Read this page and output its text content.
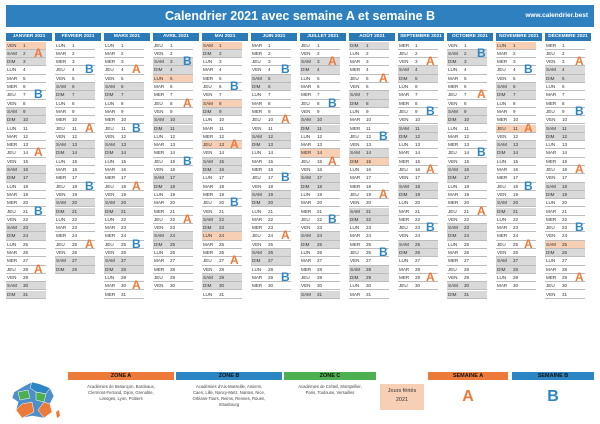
Calendrier 2021 avec semaine A et semaine B	www.calendrier.best
JANVIER 2021
VEN 1
SAM 2
DIM 3
LUN 4
MAR 5
MER 6
JEU 7
VEN 8
SAM 9
DIM 10
LUN 11
MAR 12
MER 13
JEU 14
VEN 15
SAM 16
DIM 17
LUN 18
MAR 19
MER 20
JEU 21
VEN 22
SAM 23
DIM 24
LUN 25
MAR 26
MER 27
JEU 28
VEN 29
SAM 30
DIM 31
A
B
A
B
A
FÉVRIER 2021
LUN 1
MAR 2
MER 3
JEU 4
VEN 5
SAM 6
DIM 7
LUN 8
MAR 9
MER 10
JEU 11
VEN 12
SAM 13
DIM 14
LUN 15
MAR 16
MER 17
JEU 18
VEN 19
SAM 20
DIM 21
LUN 22
MAR 23
MER 24
JEU 25
VEN 26
SAM 27
DIM 28
B
A
B
A
MARS 2021
LUN 1
MAR 2
MER 3
JEU 4
VEN 5
SAM 6
DIM 7
LUN 8
MAR 9
MER 10
JEU 11
VEN 12
SAM 13
DIM 14
LUN 15
MAR 16
MER 17
JEU 18
VEN 19
SAM 20
DIM 21
LUN 22
MAR 23
MER 24
JEU 25
VEN 26
SAM 27
DIM 28
LUN 29
MAR 30
MER 31
A
B
A
B
A
AVRIL 2021
JEU 1
VEN 2
SAM 3
DIM 4
LUN 5
MAR 6
MER 7
JEU 8
VEN 9
SAM 10
DIM 11
LUN 12
MAR 13
MER 14
JEU 15
VEN 16
SAM 17
DIM 18
LUN 19
MAR 20
MER 21
JEU 22
VEN 23
SAM 24
DIM 25
LUN 26
MAR 27
MER 28
JEU 29
VEN 30
B
A
B
A
MAI 2021
SAM 1
DIM 2
LUN 3
MAR 4
MER 5
JEU 6
VEN 7
SAM 8
DIM 9
LUN 10
MAR 11
MER 12
JEU 13
VEN 14
SAM 15
DIM 16
LUN 17
MAR 18
MER 19
JEU 20
VEN 21
SAM 22
DIM 23
LUN 24
MAR 25
MER 26
JEU 27
VEN 28
SAM 29
DIM 30
LUN 31
B
A
B
A
JUIN 2021
MAR 1
MER 2
JEU 3
VEN 4
SAM 5
DIM 6
LUN 7
MAR 8
MER 9
JEU 10
VEN 11
SAM 12
DIM 13
LUN 14
MAR 15
MER 16
JEU 17
VEN 18
SAM 19
DIM 20
LUN 21
MAR 22
MER 23
JEU 24
VEN 25
SAM 26
DIM 27
LUN 28
MAR 29
MER 30
B
A
B
A
B
JUILLET 2021
JEU 1
VEN 2
SAM 3
DIM 4
LUN 5
MAR 6
MER 7
JEU 8
VEN 9
SAM 10
DIM 11
LUN 12
MAR 13
MER 14
JEU 15
VEN 16
SAM 17
DIM 18
LUN 19
MAR 20
MER 21
JEU 22
VEN 23
SAM 24
DIM 25
LUN 26
MAR 27
MER 28
JEU 29
VEN 30
SAM 31
A
B
A
B
AOÛT 2021
DIM 1
LUN 2
MAR 3
MER 4
JEU 5
VEN 6
SAM 7
DIM 8
LUN 9
MAR 10
MER 11
JEU 12
VEN 13
SAM 14
DIM 15
LUN 16
MAR 17
MER 18
JEU 19
VEN 20
SAM 21
DIM 22
LUN 23
MAR 24
MER 25
JEU 26
VEN 27
SAM 28
DIM 29
LUN 30
MAR 31
A
B
A
B
SEPTEMBRE 2021
MER 1
JEU 2
VEN 3
SAM 4
DIM 5
LUN 6
MAR 7
MER 8
JEU 9
VEN 10
SAM 11
DIM 12
LUN 13
MAR 14
MER 15
JEU 16
VEN 17
SAM 18
DIM 19
LUN 20
MAR 21
MER 22
JEU 23
VEN 24
SAM 25
DIM 26
LUN 27
MAR 28
MER 29
JEU 30
A
B
A
B
A
OCTOBRE 2021
VEN 1
SAM 2
DIM 3
LUN 4
MAR 5
MER 6
JEU 7
VEN 8
SAM 9
DIM 10
LUN 11
MAR 12
MER 13
JEU 14
VEN 15
SAM 16
DIM 17
LUN 18
MAR 19
MER 20
JEU 21
VEN 22
SAM 23
DIM 24
LUN 25
MAR 26
MER 27
JEU 28
VEN 29
SAM 30
DIM 31
B
A
B
A
NOVEMBRE 2021
LUN 1
MAR 2
MER 3
JEU 4
VEN 5
SAM 6
DIM 7
LUN 8
MAR 9
MER 10
JEU 11
VEN 12
SAM 13
DIM 14
LUN 15
MAR 16
MER 17
JEU 18
VEN 19
SAM 20
DIM 21
LUN 22
MAR 23
MER 24
JEU 25
VEN 26
SAM 27
DIM 28
LUN 29
MAR 30
B
A
B
A
DÉCEMBRE 2021
MER 1
JEU 2
VEN 3
SAM 4
DIM 5
LUN 6
MAR 7
MER 8
JEU 9
VEN 10
SAM 11
DIM 12
LUN 13
MAR 14
MER 15
JEU 16
VEN 17
SAM 18
DIM 19
LUN 20
MAR 21
MER 22
JEU 23
VEN 24
SAM 25
DIM 26
LUN 27
MAR 28
MER 29
JEU 30
VEN 31
A
B
A
B
A
ZONE A
Académies de Besançon, Bordeaux,
Clermont-Ferrand, Dijon, Grenoble,
Limoges, Lyon, Poitiers
ZONE B
Académies d'Aix-Marseille, Amiens,
Caen, Lille, Nancy-Metz, Nantes, Nice,
Orléans-Tours, Reims, Rennes, Rouen,
Strasbourg
ZONE C
Académies de Créteil, Montpellier,
Paris, Toulouse, Versailles	Jours fériés
2021
SEMAINE A
A
SEMAINE B
B
